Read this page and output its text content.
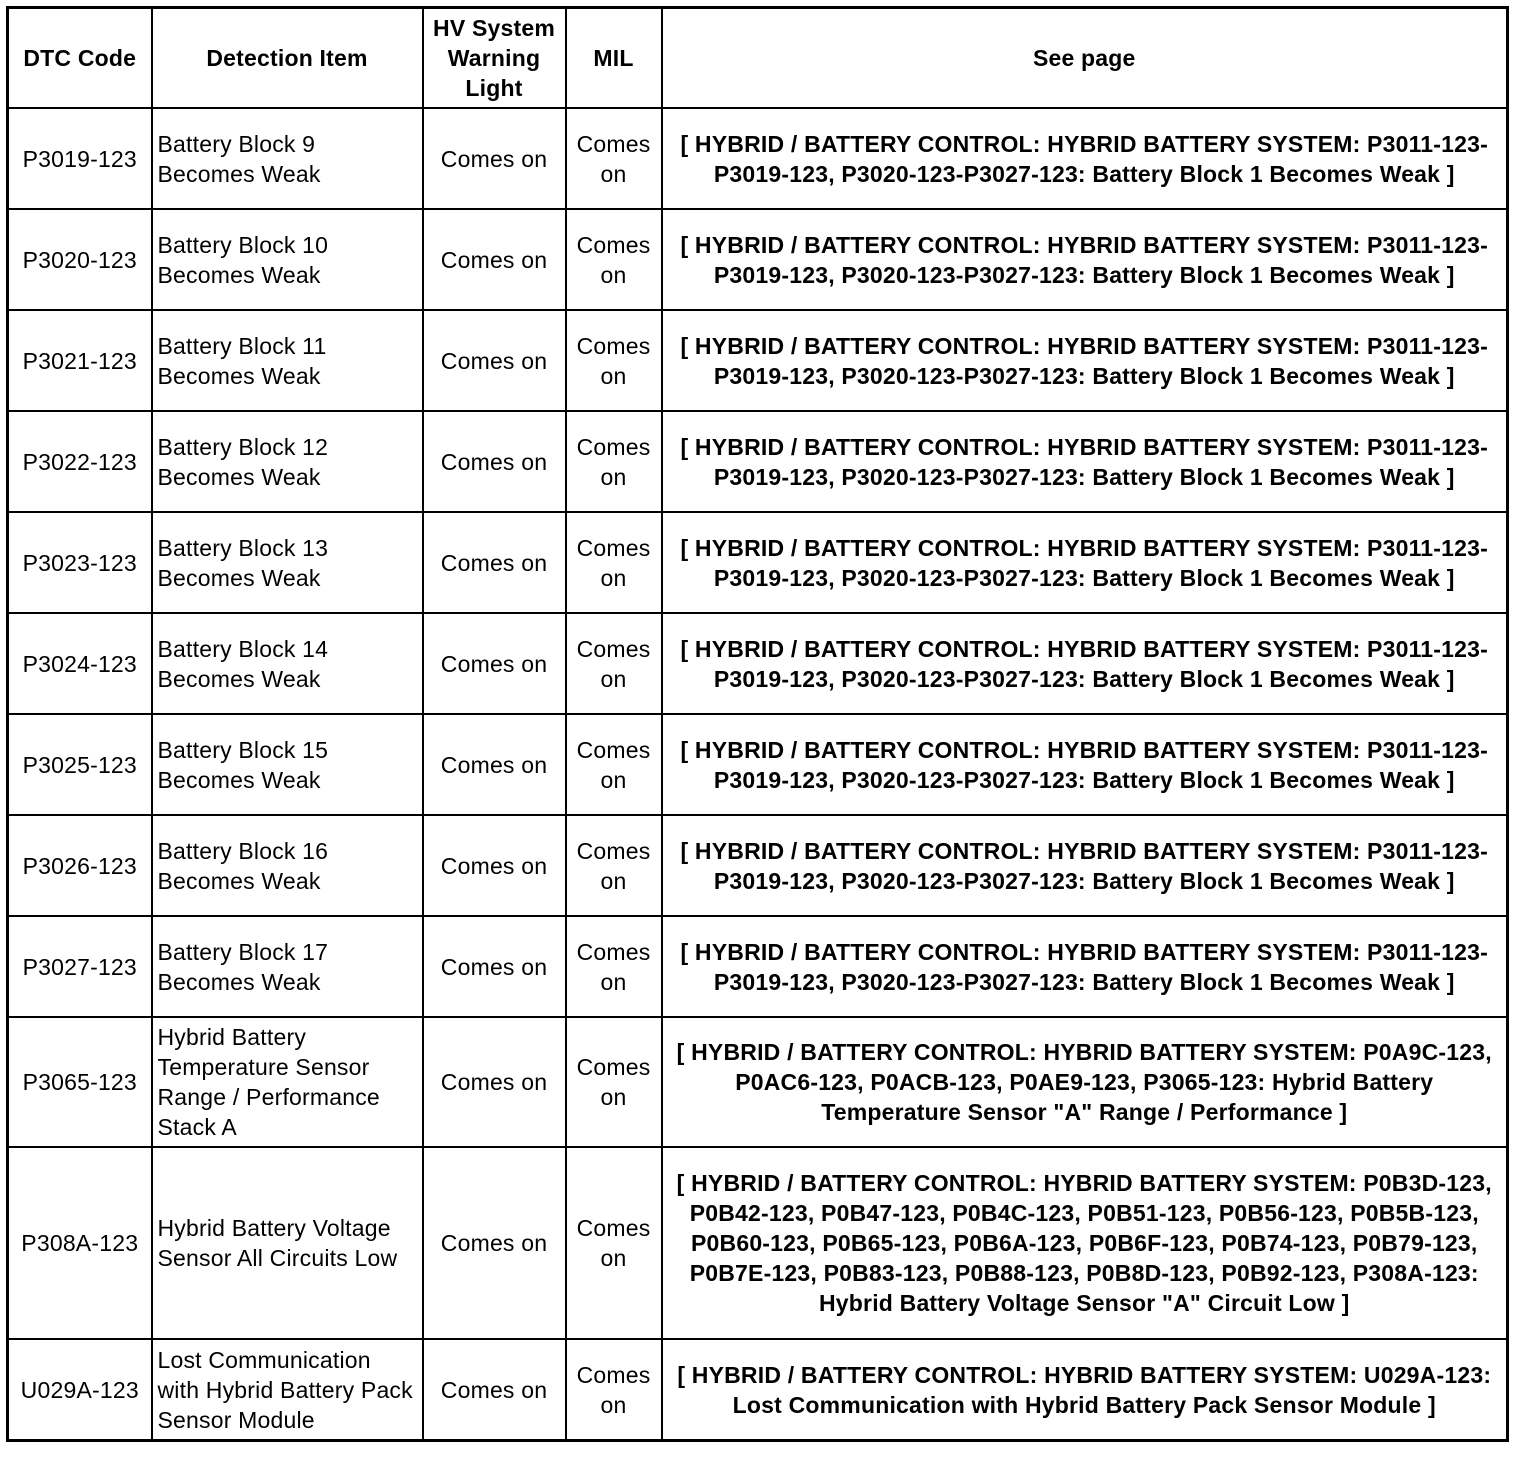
DTC Code	Detection Item	HV System Warning Light	MIL	See page
P3019-123	Battery Block 9 Becomes Weak	Comes on	Comes on	[ HYBRID / BATTERY CONTROL: HYBRID BATTERY SYSTEM: P3011-123-P3019-123, P3020-123-P3027-123: Battery Block 1 Becomes Weak ]
P3020-123	Battery Block 10 Becomes Weak	Comes on	Comes on	[ HYBRID / BATTERY CONTROL: HYBRID BATTERY SYSTEM: P3011-123-P3019-123, P3020-123-P3027-123: Battery Block 1 Becomes Weak ]
P3021-123	Battery Block 11 Becomes Weak	Comes on	Comes on	[ HYBRID / BATTERY CONTROL: HYBRID BATTERY SYSTEM: P3011-123-P3019-123, P3020-123-P3027-123: Battery Block 1 Becomes Weak ]
P3022-123	Battery Block 12 Becomes Weak	Comes on	Comes on	[ HYBRID / BATTERY CONTROL: HYBRID BATTERY SYSTEM: P3011-123-P3019-123, P3020-123-P3027-123: Battery Block 1 Becomes Weak ]
P3023-123	Battery Block 13 Becomes Weak	Comes on	Comes on	[ HYBRID / BATTERY CONTROL: HYBRID BATTERY SYSTEM: P3011-123-P3019-123, P3020-123-P3027-123: Battery Block 1 Becomes Weak ]
P3024-123	Battery Block 14 Becomes Weak	Comes on	Comes on	[ HYBRID / BATTERY CONTROL: HYBRID BATTERY SYSTEM: P3011-123-P3019-123, P3020-123-P3027-123: Battery Block 1 Becomes Weak ]
P3025-123	Battery Block 15 Becomes Weak	Comes on	Comes on	[ HYBRID / BATTERY CONTROL: HYBRID BATTERY SYSTEM: P3011-123-P3019-123, P3020-123-P3027-123: Battery Block 1 Becomes Weak ]
P3026-123	Battery Block 16 Becomes Weak	Comes on	Comes on	[ HYBRID / BATTERY CONTROL: HYBRID BATTERY SYSTEM: P3011-123-P3019-123, P3020-123-P3027-123: Battery Block 1 Becomes Weak ]
P3027-123	Battery Block 17 Becomes Weak	Comes on	Comes on	[ HYBRID / BATTERY CONTROL: HYBRID BATTERY SYSTEM: P3011-123-P3019-123, P3020-123-P3027-123: Battery Block 1 Becomes Weak ]
P3065-123	Hybrid Battery Temperature Sensor Range / Performance Stack A	Comes on	Comes on	[ HYBRID / BATTERY CONTROL: HYBRID BATTERY SYSTEM: P0A9C-123, P0AC6-123, P0ACB-123, P0AE9-123, P3065-123: Hybrid Battery Temperature Sensor "A" Range / Performance ]
P308A-123	Hybrid Battery Voltage Sensor All Circuits Low	Comes on	Comes on	[ HYBRID / BATTERY CONTROL: HYBRID BATTERY SYSTEM: P0B3D-123, P0B42-123, P0B47-123, P0B4C-123, P0B51-123, P0B56-123, P0B5B-123, P0B60-123, P0B65-123, P0B6A-123, P0B6F-123, P0B74-123, P0B79-123, P0B7E-123, P0B83-123, P0B88-123, P0B8D-123, P0B92-123, P308A-123: Hybrid Battery Voltage Sensor "A" Circuit Low ]
U029A-123	Lost Communication with Hybrid Battery Pack Sensor Module	Comes on	Comes on	[ HYBRID / BATTERY CONTROL: HYBRID BATTERY SYSTEM: U029A-123: Lost Communication with Hybrid Battery Pack Sensor Module ]
